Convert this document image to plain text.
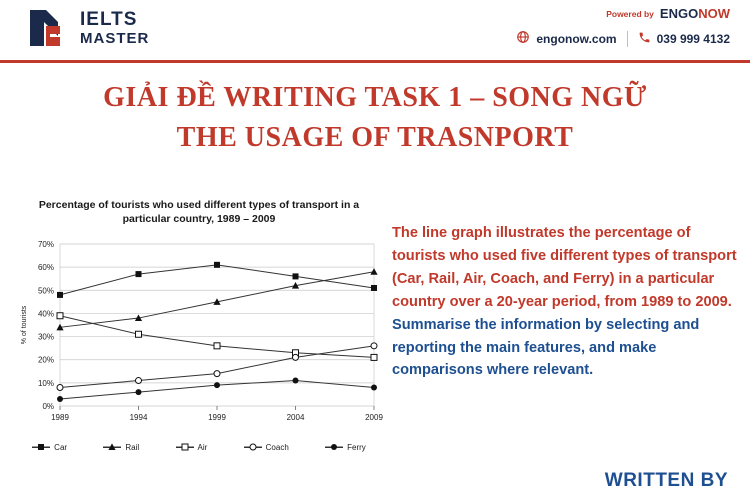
IELTS
MASTER
Powered by ENGONOW
engonow.com	039 999 4132
GIẢI ĐỀ WRITING TASK 1 – SONG NGỮ
THE USAGE OF TRASNPORT
Percentage of tourists who used different types of transport in a particular country, 1989 – 2009
0%
10%
20%
30%
40%
50%
60%
70%
1989	1994	1999	2004	2009
% of tourists
Car	Rail	Air	Coach	Ferry

The line graph illustrates the percentage of tourists who used five different types of transport (Car, Rail, Air, Coach, and Ferry) in a particular country over a 20-year period, from 1989 to 2009.

Summarise the information by selecting and reporting the main features, and make comparisons where relevant.

WRITTEN BY
